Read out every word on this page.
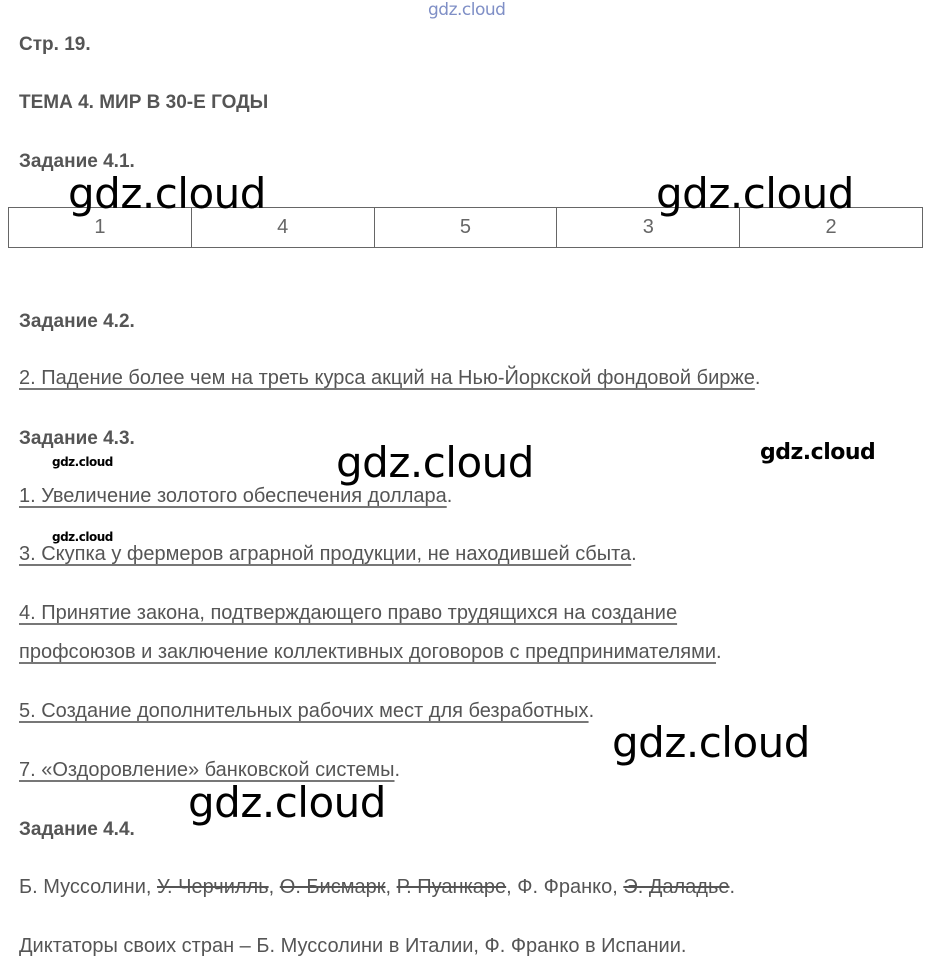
gdz.cloud
Стр. 19.
ТЕМА 4. МИР В 30-Е ГОДЫ
Задание 4.1.
1	4	5	3	2
Задание 4.2.
2. Падение более чем на треть курса акций на Нью-Йоркской фондовой бирже.
Задание 4.3.
1. Увеличение золотого обеспечения доллара.
3. Скупка у фермеров аграрной продукции, не находившей сбыта.
4. Принятие закона, подтверждающего право трудящихся на создание
профсоюзов и заключение коллективных договоров с предпринимателями.
5. Создание дополнительных рабочих мест для безработных.
7. «Оздоровление» банковской системы.
Задание 4.4.
Б. Муссолини, У. Черчилль, О. Бисмарк, Р. Пуанкаре, Ф. Франко, Э. Даладье.
Диктаторы своих стран – Б. Муссолини в Италии, Ф. Франко в Испании.
gdz.cloud	gdz.cloud
gdz.cloud	gdz.cloud	gdz.cloud
gdz.cloud
gdz.cloud
gdz.cloud
